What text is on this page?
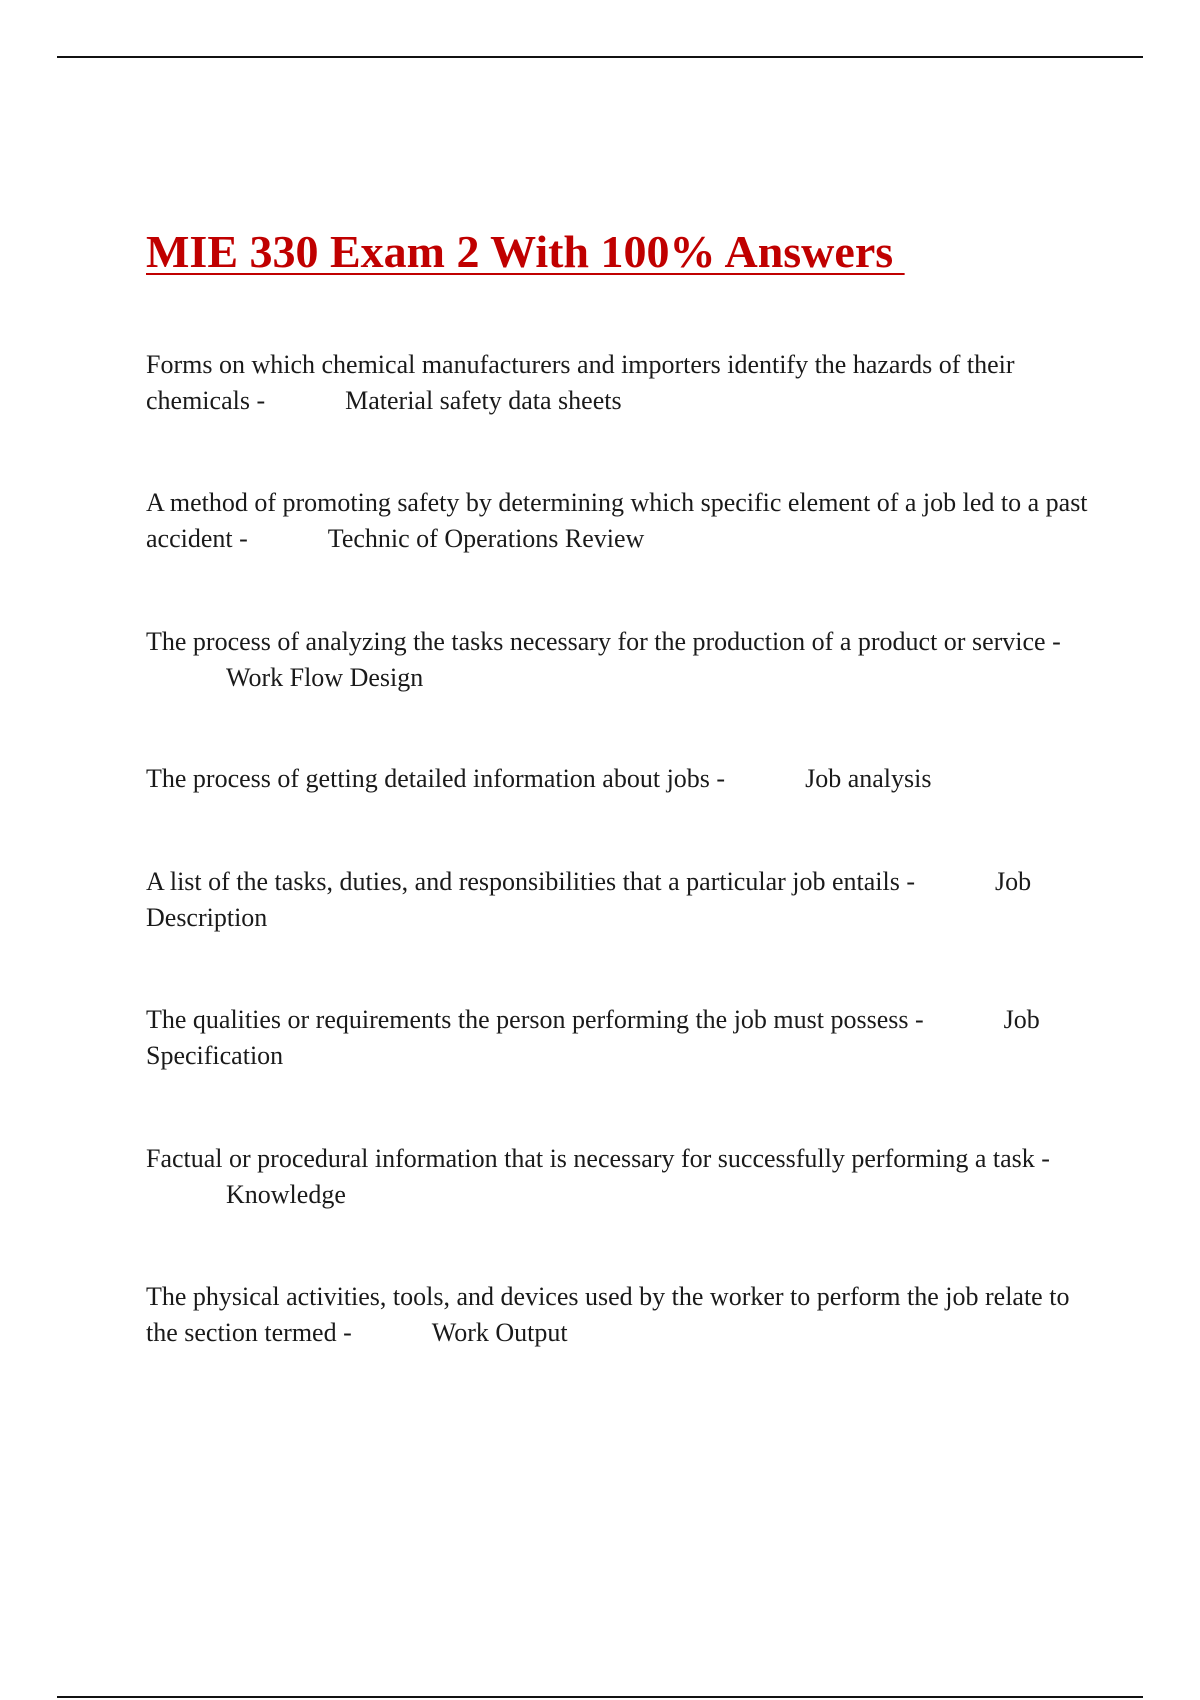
MIE 330 Exam 2 With 100% Answers

Forms on which chemical manufacturers and importers identify the hazards of their chemicals -	Material safety data sheets

A method of promoting safety by determining which specific element of a job led to a past accident -	Technic of Operations Review

The process of analyzing the tasks necessary for the production of a product or service -Work Flow Design

The process of getting detailed information about jobs -	Job analysis

A list of the tasks, duties, and responsibilities that a particular job entails -	Job Description

The qualities or requirements the person performing the job must possess -	Job Specification

Factual or procedural information that is necessary for successfully performing a task -Knowledge

The physical activities, tools, and devices used by the worker to perform the job relate to the section termed -	Work Output
